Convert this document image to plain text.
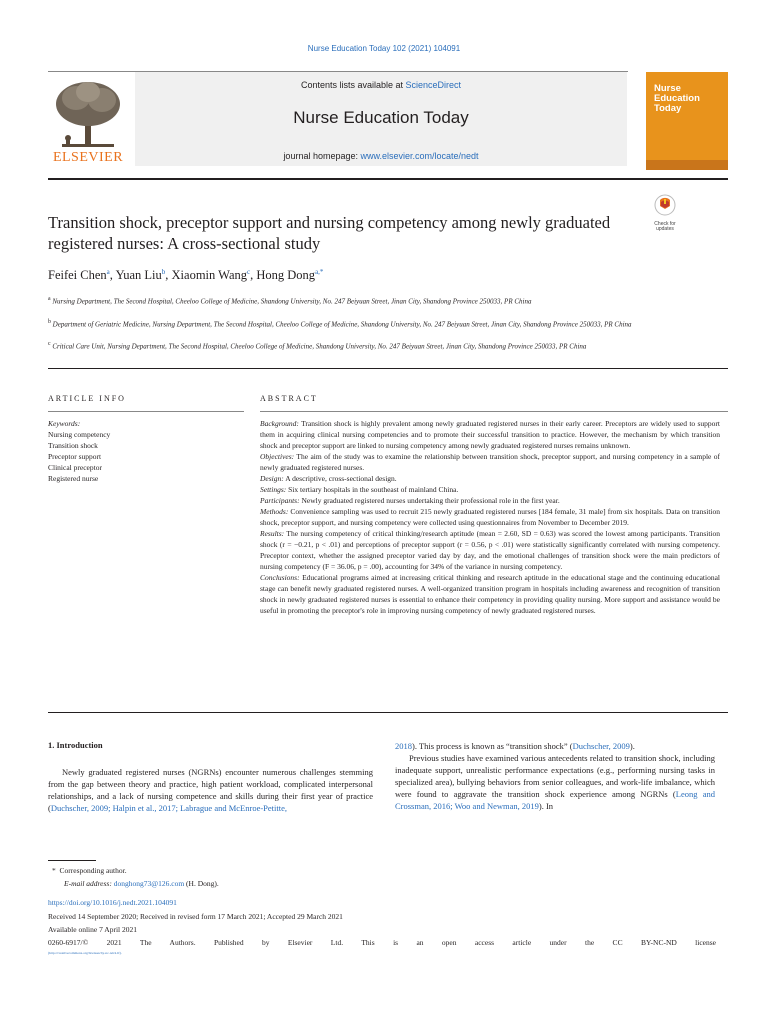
Nurse Education Today 102 (2021) 104091
ELSEVIER
Contents lists available at ScienceDirect
Nurse Education Today
journal homepage: www.elsevier.com/locate/nedt
Nurse Education Today
Check for updates
Transition shock, preceptor support and nursing competency among newly graduated registered nurses: A cross-sectional study
Feifei Chen$^a$, Yuan Liu$^b$, Xiaomin Wang$^c$, Hong Dong$^{a,*}$
$^a$ Nursing Department, The Second Hospital, Cheeloo College of Medicine, Shandong University, No. 247 Beiyuan Street, Jinan City, Shandong Province 250033, PR China
$^b$ Department of Geriatric Medicine, Nursing Department, The Second Hospital, Cheeloo College of Medicine, Shandong University, No. 247 Beiyuan Street, Jinan City, Shandong Province 250033, PR China
$^c$ Critical Care Unit, Nursing Department, The Second Hospital, Cheeloo College of Medicine, Shandong University, No. 247 Beiyuan Street, Jinan City, Shandong Province 250033, PR China
ARTICLE INFO	ABSTRACT
Keywords:
Nursing competency
Transition shock
Preceptor support
Clinical preceptor
Registered nurse
Background: Transition shock is highly prevalent among newly graduated registered nurses in their early career. Preceptors are widely used to support them in acquiring clinical nursing competencies and to promote their successful transition to practice. However, the mechanism by which transition shock and preceptor support are linked to nursing competency among newly graduated registered nurses remains unknown.
Objectives: The aim of the study was to examine the relationship between transition shock, preceptor support, and nursing competency in a sample of newly graduated registered nurses.
Design: A descriptive, cross-sectional design.
Settings: Six tertiary hospitals in the southeast of mainland China.
Participants: Newly graduated registered nurses undertaking their professional role in the first year.
Methods: Convenience sampling was used to recruit 215 newly graduated registered nurses [184 female, 31 male] from six hospitals. Data on transition shock, preceptor support, and nursing competency were collected using questionnaires from November to December 2019.
Results: The nursing competency of critical thinking/research aptitude (mean = 2.60, SD = 0.63) was scored the lowest among participants. Transition shock (r = −0.21, p < .01) and perceptions of preceptor support (r = 0.56, p < .01) were statistically significantly correlated with nursing competency. Preceptor context, whether the assigned preceptor varied day by day, and the emotional challenges of transition shock were the main predictors of nursing competency (F = 36.06, p = .00), accounting for 34% of the variance in nursing competency.
Conclusions: Educational programs aimed at increasing critical thinking and research aptitude in the educational stage and the continuing educational stage can benefit newly graduated registered nurses. A well-organized transition program in hospitals including awareness and recognition of transition shock in newly graduated registered nurses is essential to enhance their competency in providing quality nursing. More support and assistance would be useful in promoting the preceptor's role in improving nursing competency of newly graduated registered nurses.
1. Introduction
Newly graduated registered nurses (NGRNs) encounter numerous challenges stemming from the gap between theory and practice, high patient workload, complicated interpersonal relationships, and a lack of nursing competence and skills during their first year of practice (Duchscher, 2009; Halpin et al., 2017; Labrague and McEnroe-Petitte,
2018). This process is known as “transition shock” (Duchscher, 2009).
Previous studies have examined various antecedents related to transition shock, including inadequate support, unrealistic performance expectations (e.g., performing nursing tasks in specialized area), bullying behaviors from senior colleagues, and work-life imbalance, which were found to aggravate the transition shock experience among NGRNs (Leong and Crossman, 2016; Woo and Newman, 2019). In
* Corresponding author.
E-mail address: donghong73@126.com (H. Dong).
https://doi.org/10.1016/j.nedt.2021.104091
Received 14 September 2020; Received in revised form 17 March 2021; Accepted 29 March 2021
Available online 7 April 2021
0260-6917/© 2021 The Authors. Published by Elsevier Ltd. This is an open access article under the CC BY-NC-ND license
(http://creativecommons.org/licenses/by-nc-nd/4.0/).
